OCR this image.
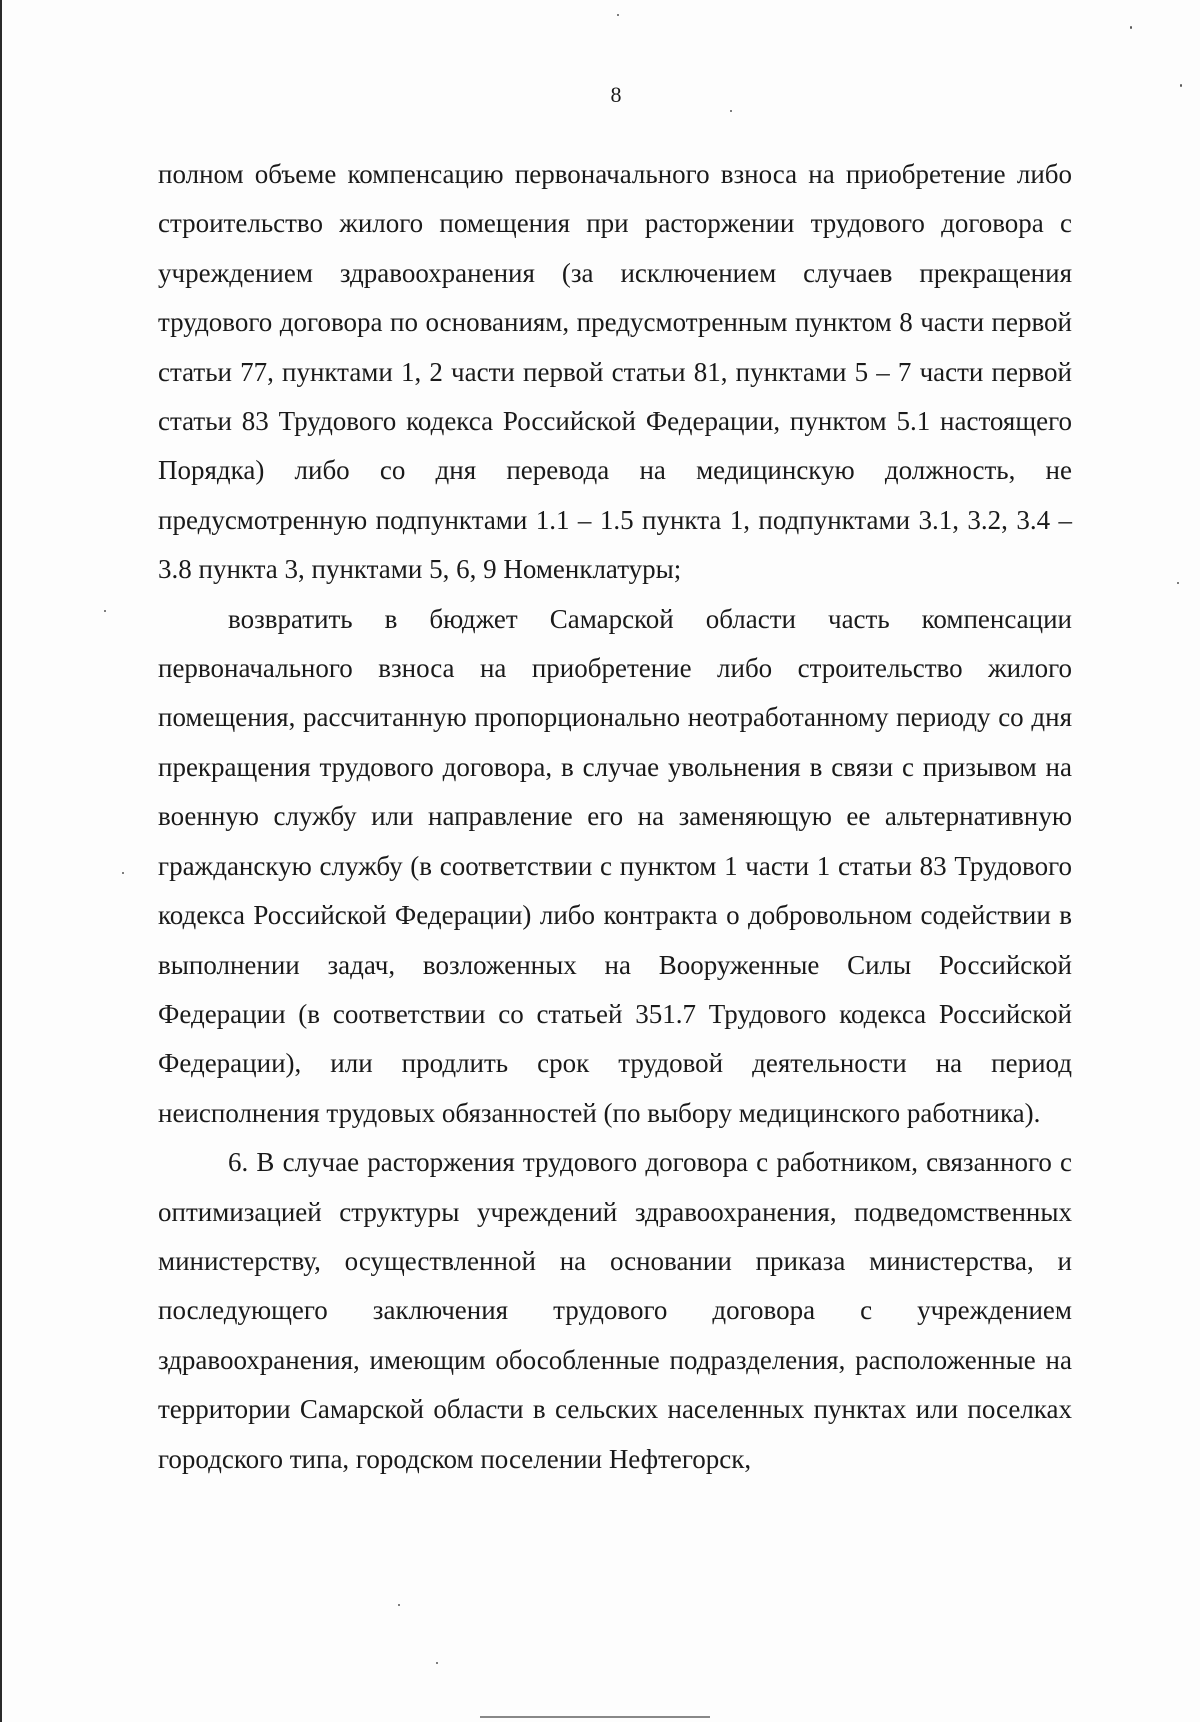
8

полном объеме компенсацию первоначального взноса на приобретение либо строительство жилого помещения при расторжении трудового договора с учреждением здравоохранения (за исключением случаев прекращения трудового договора по основаниям, предусмотренным пунктом 8 части первой статьи 77, пунктами 1, 2 части первой статьи 81, пунктами 5 – 7 части первой статьи 83 Трудового кодекса Российской Федерации, пунктом 5.1 настоящего Порядка) либо со дня перевода на медицинскую должность, не предусмотренную подпунктами 1.1 – 1.5 пункта 1, подпунктами 3.1, 3.2, 3.4 – 3.8 пункта 3, пунктами 5, 6, 9 Номенклатуры;

возвратить в бюджет Самарской области часть компенсации первоначального взноса на приобретение либо строительство жилого помещения, рассчитанную пропорционально неотработанному периоду со дня прекращения трудового договора, в случае увольнения в связи с призывом на военную службу или направление его на заменяющую ее альтернативную гражданскую службу (в соответствии с пунктом 1 части 1 статьи 83 Трудового кодекса Российской Федерации) либо контракта о добровольном содействии в выполнении задач, возложенных на Вооруженные Силы Российской Федерации (в соответствии со статьей 351.7 Трудового кодекса Российской Федерации), или продлить срок трудовой деятельности на период неисполнения трудовых обязанностей (по выбору медицинского работника).

6. В случае расторжения трудового договора с работником, связанного с оптимизацией структуры учреждений здравоохранения, подведомственных министерству, осуществленной на основании приказа министерства, и последующего заключения трудового договора с учреждением здравоохранения, имеющим обособленные подразделения, расположенные на территории Самарской области в сельских населенных пунктах или поселках городского типа, городском поселении Нефтегорск,
